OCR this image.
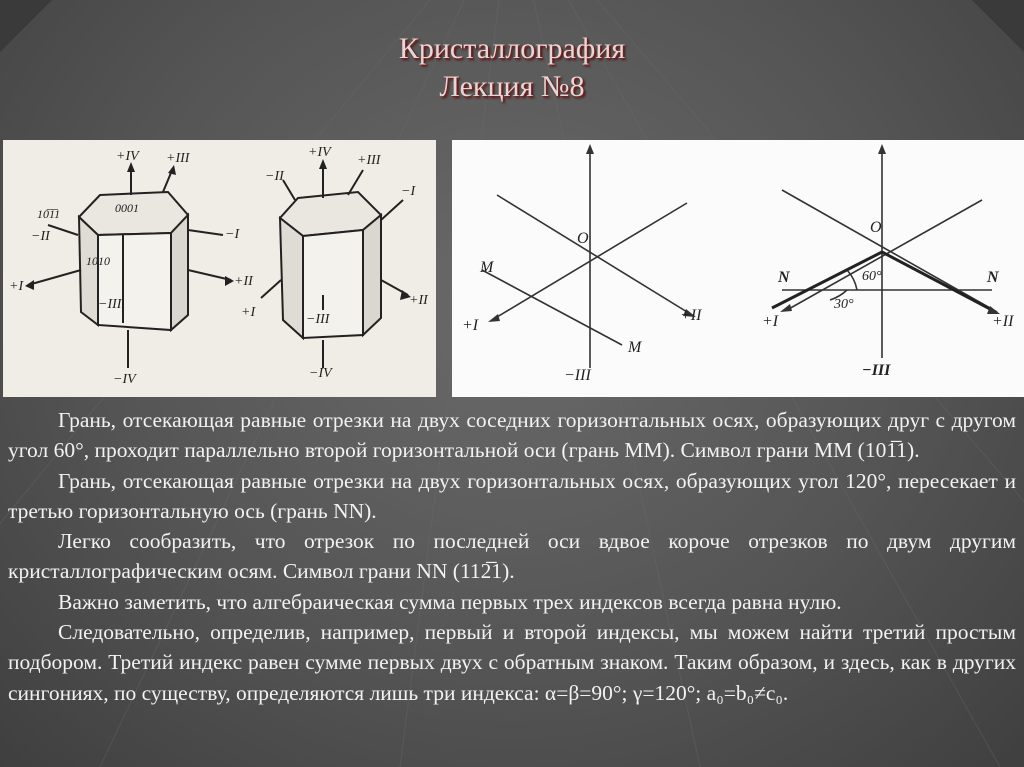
Кристаллография
Лекция №8
+IV +III
0001
10̅1̅1
1010
−II	−I
+I	+II
−III
−IV
+IV
−II
+III
−I
+I
+II
−III
−IV
O
M
M
+I
+II
−III
O
N	N
60°
30°
+I	+II
−III

Грань, отсекающая равные отрезки на двух соседних горизонтальных осях, образующих друг с другом угол 60°, проходит параллельно второй горизонтальной оси (грань ММ). Символ грани ММ (101̅1).

Грань, отсекающая равные отрезки на двух горизонтальных осях, образующих угол 120°, пересекает и третью горизонтальную ось (грань NN).

Легко сообразить, что отрезок по последней оси вдвое короче отрезков по двум другим кристаллографическим осям. Символ грани NN (112̅1).

Важно заметить, что алгебраическая сумма первых трех индексов всегда равна нулю.

Следовательно, определив, например, первый и второй индексы, мы можем найти третий простым подбором. Третий индекс равен сумме первых двух с обратным знаком. Таким образом, и здесь, как в других сингониях, по существу, определяются лишь три индекса: α=β=90°; γ=120°; a₀=b₀≠c₀.
